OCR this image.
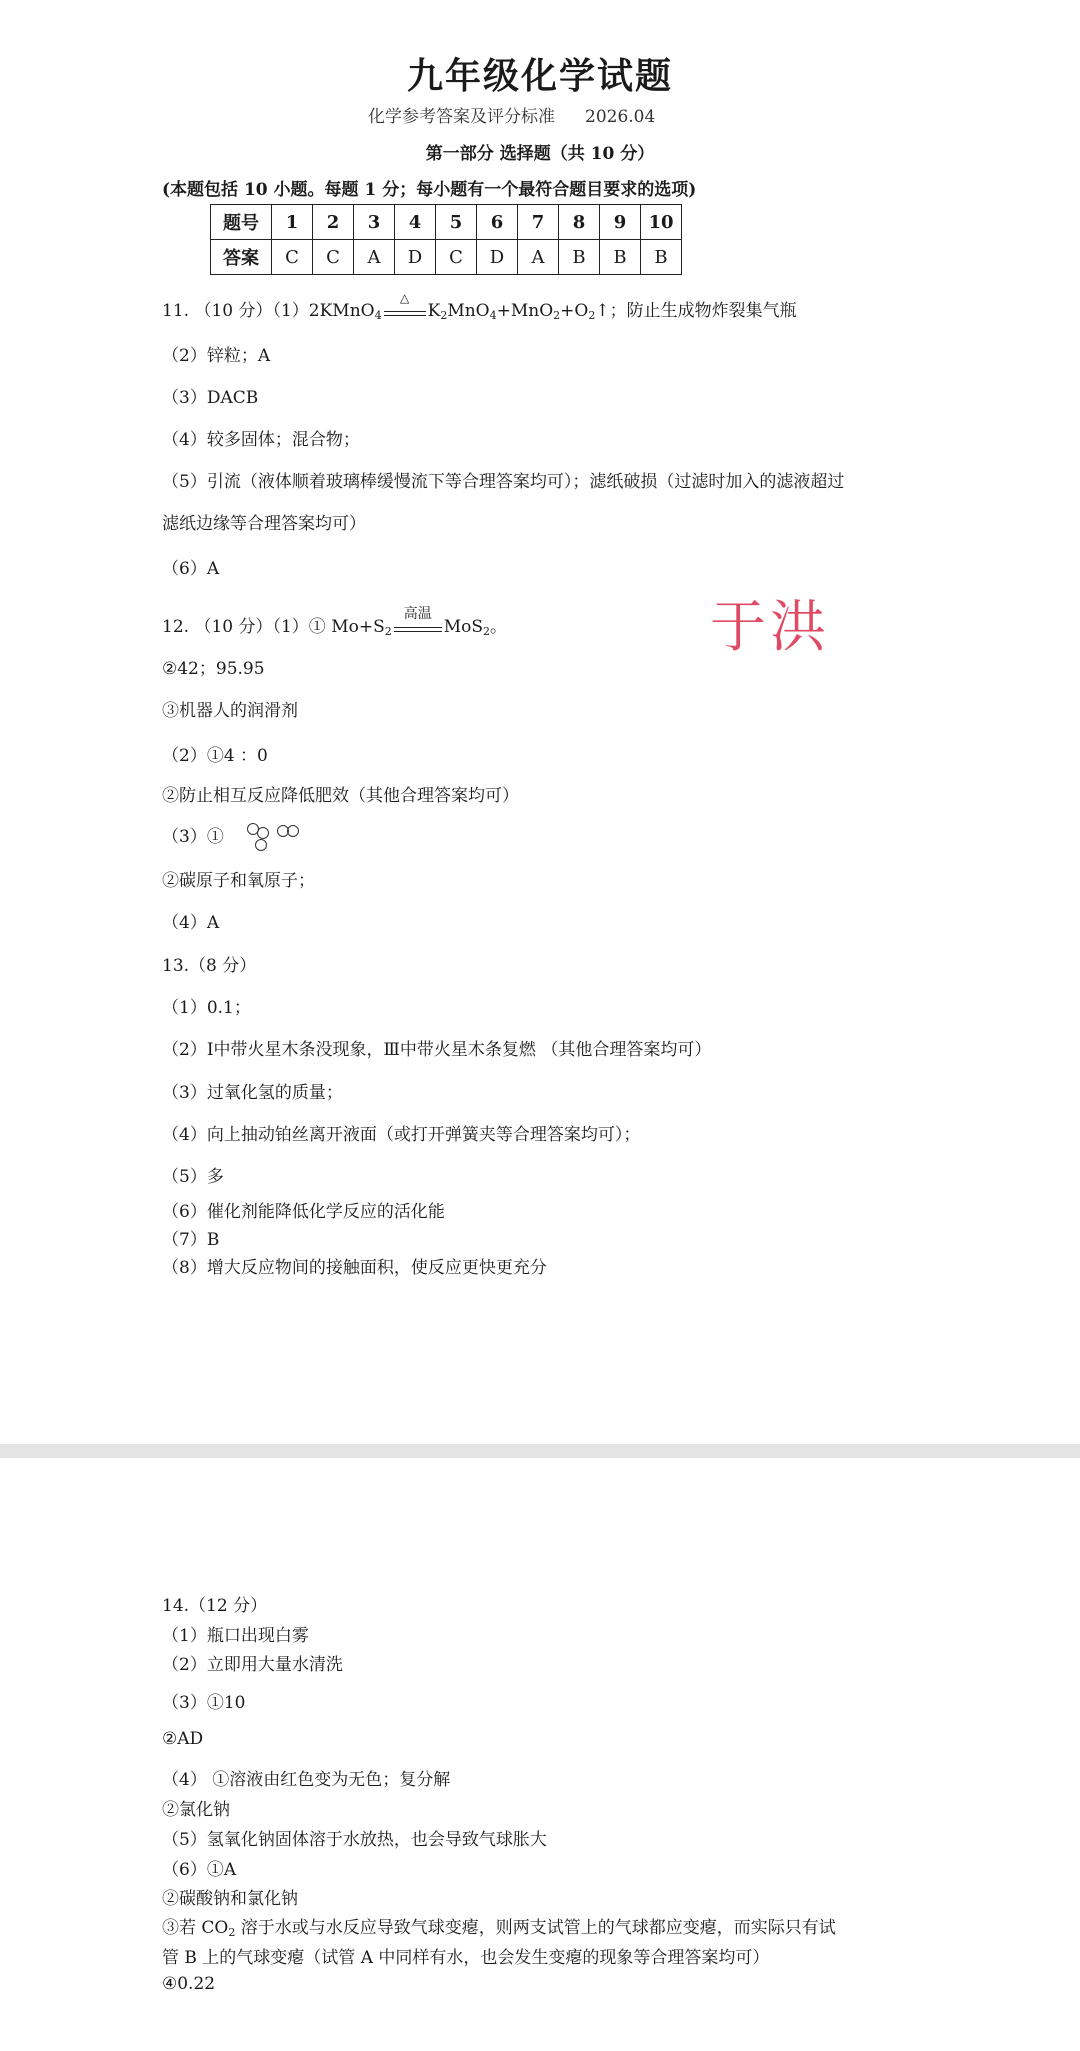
九年级化学试题
化学参考答案及评分标准 2026.04
第一部分 选择题（共 10 分）
(本题包括 10 小题。每题 1 分；每小题有一个最符合题目要求的选项)
题号	1	2	3	4	5	6	7	8	9	10
答案	C	C	A	D	C	D	A	B	B	B
11. （10 分）（1）2KMnO$_4$
△
$K_2MnO_4+MnO_2+O_2↑$；防止生成物炸裂集气瓶
（2）锌粒；A
（3）DACB
（4）较多固体；混合物；
（5）引流（液体顺着玻璃棒缓慢流下等合理答案均可）；滤纸破损（过滤时加入的滤液超过
滤纸边缘等合理答案均可）
（6）A
12. （10 分）（1）① $Mo+S_2$
高温
MoS$_2$。
②42；95.95
③机器人的润滑剂
（2）①4 ：0
②防止相互反应降低肥效（其他合理答案均可）
（3）①
②碳原子和氧原子；
（4）A
于洪
13.（8 分）
（1）0.1；
（2）Ⅰ中带火星木条没现象，Ⅲ中带火星木条复燃 （其他合理答案均可）
（3）过氧化氢的质量；
（4）向上抽动铂丝离开液面（或打开弹簧夹等合理答案均可）；
（5）多
（6）催化剂能降低化学反应的活化能
（7）B
（8）增大反应物间的接触面积，使反应更快更充分
14.（12 分）
（1）瓶口出现白雾
（2）立即用大量水清洗
（3）①10
②AD
（4） ①溶液由红色变为无色；复分解
②氯化钠
（5）氢氧化钠固体溶于水放热，也会导致气球胀大
（6）①A
②碳酸钠和氯化钠
③若 $CO_2$ 溶于水或与水反应导致气球变瘪，则两支试管上的气球都应变瘪，而实际只有试
管 B 上的气球变瘪（试管 A 中同样有水，也会发生变瘪的现象等合理答案均可）
④0.22
